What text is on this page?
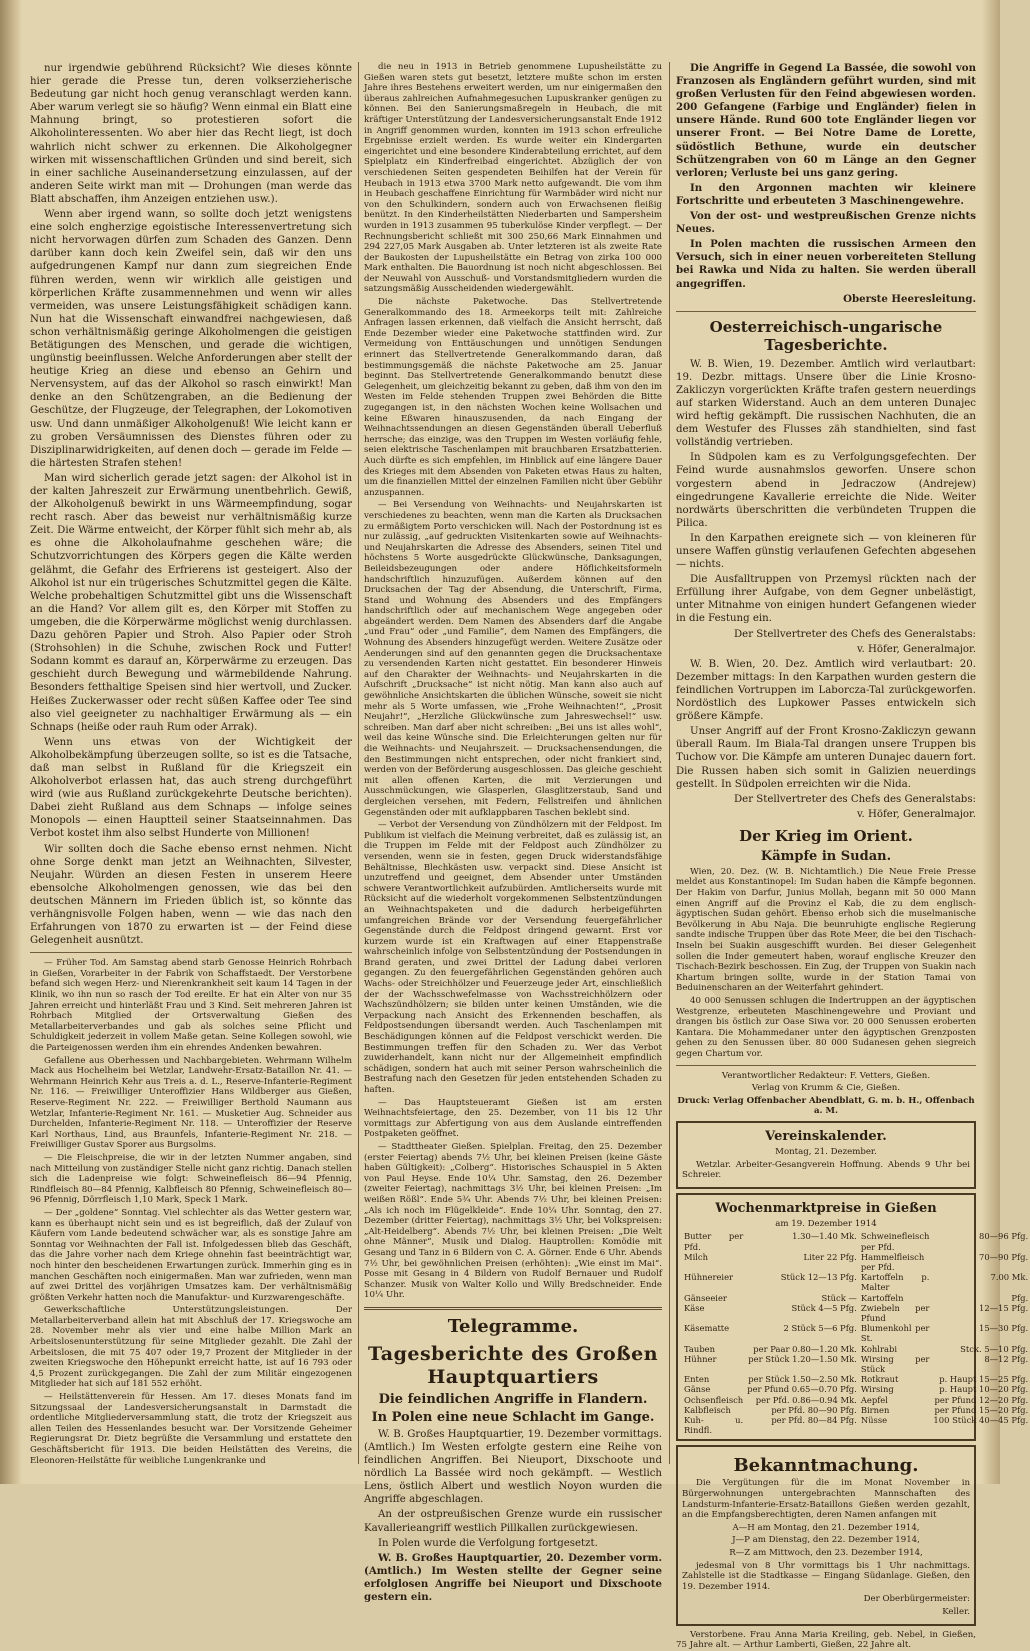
nur irgendwie gebührend Rücksicht? Wie dieses könnte hier gerade die Presse tun, deren volkserzieherische Bedeutung gar nicht hoch genug veranschlagt werden kann. Aber warum verlegt sie so häufig? Wenn einmal ein Blatt eine Mahnung bringt, so protestieren sofort die Alkoholinteressenten. Wo aber hier das Recht liegt, ist doch wahrlich nicht schwer zu erkennen. Die Alkoholgegner wirken mit wissenschaftlichen Gründen und sind bereit, sich in einer sachliche Auseinandersetzung einzulassen, auf der anderen Seite wirkt man mit — Drohungen (man werde das Blatt abschaffen, ihm Anzeigen entziehen usw.).

Wenn aber irgend wann, so sollte doch jetzt wenigstens eine solch engherzige egoistische Interessenvertretung sich nicht hervorwagen dürfen zum Schaden des Ganzen. Denn darüber kann doch kein Zweifel sein, daß wir den uns aufgedrungenen Kampf nur dann zum siegreichen Ende führen werden, wenn wir wirklich alle geistigen und körperlichen Kräfte zusammennehmen und wenn wir alles vermeiden, was unsere Leistungsfähigkeit schädigen kann. Nun hat die Wissenschaft einwandfrei nachgewiesen, daß schon verhältnismäßig geringe Alkoholmengen die geistigen Betätigungen des Menschen, und gerade die wichtigen, ungünstig beeinflussen. Welche Anforderungen aber stellt der heutige Krieg an diese und ebenso an Gehirn und Nervensystem, auf das der Alkohol so rasch einwirkt! Man denke an den Schützengraben, an die Bedienung der Geschütze, der Flugzeuge, der Telegraphen, der Lokomotiven usw. Und dann unmäßiger Alkoholgenuß! Wie leicht kann er zu groben Versäumnissen des Dienstes führen oder zu Disziplinarwidrigkeiten, auf denen doch — gerade im Felde — die härtesten Strafen stehen!

Man wird sicherlich gerade jetzt sagen: der Alkohol ist in der kalten Jahreszeit zur Erwärmung unentbehrlich. Gewiß, der Alkoholgenuß bewirkt in uns Wärmeempfindung, sogar recht rasch. Aber das beweist nur verhältnismäßig kurze Zeit. Die Wärme entweicht, der Körper fühlt sich mehr ab, als es ohne die Alkoholaufnahme geschehen wäre; die Schutzvorrichtungen des Körpers gegen die Kälte werden gelähmt, die Gefahr des Erfrierens ist gesteigert. Also der Alkohol ist nur ein trügerisches Schutzmittel gegen die Kälte. Welche probehaltigen Schutzmittel gibt uns die Wissenschaft an die Hand? Vor allem gilt es, den Körper mit Stoffen zu umgeben, die die Körperwärme möglichst wenig durchlassen. Dazu gehören Papier und Stroh. Also Papier oder Stroh (Strohsohlen) in die Schuhe, zwischen Rock und Futter! Sodann kommt es darauf an, Körperwärme zu erzeugen. Das geschieht durch Bewegung und wärmebildende Nahrung. Besonders fetthaltige Speisen sind hier wertvoll, und Zucker. Heißes Zuckerwasser oder recht süßen Kaffee oder Tee sind also viel geeigneter zu nachhaltiger Erwärmung als — ein Schnaps (heiße oder rauh Rum oder Arrak).

Wenn uns etwas von der Wichtigkeit der Alkoholbekämpfung überzeugen sollte, so ist es die Tatsache, daß man selbst in Rußland für die Kriegszeit ein Alkoholverbot erlassen hat, das auch streng durchgeführt wird (wie aus Rußland zurückgekehrte Deutsche berichten). Dabei zieht Rußland aus dem Schnaps — infolge seines Monopols — einen Hauptteil seiner Staatseinnahmen. Das Verbot kostet ihm also selbst Hunderte von Millionen!

Wir sollten doch die Sache ebenso ernst nehmen. Nicht ohne Sorge denkt man jetzt an Weihnachten, Silvester, Neujahr. Würden an diesen Festen in unserem Heere ebensolche Alkoholmengen genossen, wie das bei den deutschen Männern im Frieden üblich ist, so könnte das verhängnisvolle Folgen haben, wenn — wie das nach den Erfahrungen von 1870 zu erwarten ist — der Feind diese Gelegenheit ausnützt.

— Früher Tod. Am Samstag abend starb Genosse Heinrich Rohrbach in Gießen, Vorarbeiter in der Fabrik von Schaffstaedt. Der Verstorbene befand sich wegen Herz- und Nierenkrankheit seit kaum 14 Tagen in der Klinik, wo ihn nun so rasch der Tod ereilte. Er hat ein Alter von nur 35 Jahren erreicht und hinterläßt Frau und 3 Kind. Seit mehreren Jahren ist Rohrbach Mitglied der Ortsverwaltung Gießen des Metallarbeiterverbandes und gab als solches seine Pflicht und Schuldigkeit jederzeit in vollem Maße getan. Seine Kollegen sowohl, wie die Parteigenossen werden ihm ein ehrendes Andenken bewahren.

Gefallene aus Oberhessen und Nachbargebieten. Wehrmann Wilhelm Mack aus Hochelheim bei Wetzlar, Landwehr-Ersatz-Bataillon Nr. 41. — Wehrmann Heinrich Kehr aus Treis a. d. L., Reserve-Infanterie-Regiment Nr. 116. — Freiwilliger Unteroffizier Hans Wildberger aus Gießen, Reserve-Regiment Nr. 222. — Freiwilliger Berthold Naumann aus Wetzlar, Infanterie-Regiment Nr. 161. — Musketier Aug. Schneider aus Durchelden, Infanterie-Regiment Nr. 118. — Unteroffizier der Reserve Karl Northaus, Lind, aus Braunfels, Infanterie-Regiment Nr. 218. — Freiwilliger Gustav Sporer aus Burgsolms.

— Die Fleischpreise, die wir in der letzten Nummer angaben, sind nach Mitteilung von zuständiger Stelle nicht ganz richtig. Danach stellen sich die Ladenpreise wie folgt: Schweinefleisch 86—94 Pfennig, Rindfleisch 80—84 Pfennig, Kalbfleisch 80 Pfennig, Schweinefleisch 80—96 Pfennig, Dörrfleisch 1,10 Mark, Speck 1 Mark.

— Der „goldene“ Sonntag. Viel schlechter als das Wetter gestern war, kann es überhaupt nicht sein und es ist begreiflich, daß der Zulauf von Käufern vom Lande bedeutend schwächer war, als es sonstige Jahre am Sonntag vor Weihnachten der Fall ist. Infolgedessen blieb das Geschäft, das die Jahre vorher nach dem Kriege ohnehin fast beeinträchtigt war, noch hinter den bescheidenen Erwartungen zurück. Immerhin ging es in manchen Geschäften noch einigermaßen. Man war zufrieden, wenn man auf zwei Drittel des vorjährigen Umsatzes kam. Der verhältnismäßig größten Verkehr hatten noch die Manufaktur- und Kurzwarengeschäfte.

Gewerkschaftliche Unterstützungsleistungen. Der Metallarbeiterverband allein hat mit Abschluß der 17. Kriegswoche am 28. November mehr als vier und eine halbe Million Mark an Arbeitslosenunterstützung für seine Mitglieder gezahlt. Die Zahl der Arbeitslosen, die mit 75 407 oder 19,7 Prozent der Mitglieder in der zweiten Kriegswoche den Höhepunkt erreicht hatte, ist auf 16 793 oder 4,5 Prozent zurückgegangen. Die Zahl der zum Militär eingezogenen Mitglieder hat sich auf 181 552 erhöht.

— Heilstättenverein für Hessen. Am 17. dieses Monats fand im Sitzungssaal der Landesversicherungsanstalt in Darmstadt die ordentliche Mitgliederversammlung statt, die trotz der Kriegszeit aus allen Teilen des Hessenlandes besucht war. Der Vorsitzende Geheimer Regierungsrat Dr. Dietz begrüßte die Versammlung und erstattete den Geschäftsbericht für 1913. Die beiden Heilstätten des Vereins, die Eleonoren-Heilstätte für weibliche Lungenkranke und

die neu in 1913 in Betrieb genommene Lupusheilstätte zu Gießen waren stets gut besetzt, letztere mußte schon im ersten Jahre ihres Bestehens erweitert werden, um nur einigermaßen den überaus zahlreichen Aufnahmegesuchen Lupuskranker genügen zu können. Bei den Sanierungsmaßregeln in Heubach, die mit kräftiger Unterstützung der Landesversicherungsanstalt Ende 1912 in Angriff genommen wurden, konnten im 1913 schon erfreuliche Ergebnisse erzielt werden. Es wurde weiter ein Kindergarten eingerichtet und eine besondere Kinderabteilung errichtet, auf dem Spielplatz ein Kinderfreibad eingerichtet. Abzüglich der von verschiedenen Seiten gespendeten Beihilfen hat der Verein für Heubach in 1913 etwa 3700 Mark netto aufgewandt. Die vom ihm in Heubach geschaffene Einrichtung für Warmbäder wird nicht nur von den Schulkindern, sondern auch von Erwachsenen fleißig benützt. In den Kinderheilstätten Niederbarten und Sampersheim wurden in 1913 zusammen 95 tuberkulöse Kinder verpflegt. — Der Rechnungsbericht schließt mit 300 250,66 Mark Einnahmen und 294 227,05 Mark Ausgaben ab. Unter letzteren ist als zweite Rate der Baukosten der Lupusheilstätte ein Betrag von zirka 100 000 Mark enthalten. Die Bauordnung ist noch nicht abgeschlossen. Bei der Neuwahl von Ausschuß- und Vorstandsmitgliedern wurden die satzungsmäßig Ausscheidenden wiedergewählt.

Die nächste Paketwoche. Das Stellvertretende Generalkommando des 18. Armeekorps teilt mit: Zahlreiche Anfragen lassen erkennen, daß vielfach die Ansicht herrscht, daß Ende Dezember wieder eine Paketwoche stattfinden wird. Zur Vermeidung von Enttäuschungen und unnötigen Sendungen erinnert das Stellvertretende Generalkommando daran, daß bestimmungsgemäß die nächste Paketwoche am 25. Januar beginnt. Das Stellvertretende Generalkommando benutzt diese Gelegenheit, um gleichzeitig bekannt zu geben, daß ihm von den im Westen im Felde stehenden Truppen zwei Behörden die Bitte zugegangen ist, in den nächsten Wochen keine Wollsachen und keine Eßwaren hinauszusenden, da nach Eingang der Weihnachtssendungen an diesen Gegenständen überall Ueberfluß herrsche; das einzige, was den Truppen im Westen vorläufig fehle, seien elektrische Taschenlampen mit brauchbaren Ersatzbatterien. Auch dürfte es sich empfehlen, im Hinblick auf eine längere Dauer des Krieges mit dem Absenden von Paketen etwas Haus zu halten, um die finanziellen Mittel der einzelnen Familien nicht über Gebühr anzuspannen.

— Bei Versendung von Weihnachts- und Neujahrskarten ist verschiedenes zu beachten, wenn man die Karten als Drucksachen zu ermäßigtem Porto verschicken will. Nach der Postordnung ist es nur zulässig, „auf gedruckten Visitenkarten sowie auf Weihnachts- und Neujahrskarten die Adresse des Absenders, seinen Titel und höchstens 5 Worte ausgedrückte Glückwünsche, Danksagungen, Beileidsbezeugungen oder andere Höflichkeitsformeln handschriftlich hinzuzufügen. Außerdem können auf den Drucksachen der Tag der Absendung, die Unterschrift, Firma, Stand und Wohnung des Absenders und des Empfängers handschriftlich oder auf mechanischem Wege angegeben oder abgeändert werden. Dem Namen des Absenders darf die Angabe „und Frau“ oder „und Familie“, dem Namen des Empfängers, die Wohnung des Absenders hinzugefügt werden. Weitere Zusätze oder Aenderungen sind auf den genannten gegen die Drucksachentaxe zu versendenden Karten nicht gestattet. Ein besonderer Hinweis auf den Charakter der Weihnachts- und Neujahrskarten in die Aufschrift „Drucksache“ ist nicht nötig. Man kann also auch auf gewöhnliche Ansichtskarten die üblichen Wünsche, soweit sie nicht mehr als 5 Worte umfassen, wie „Frohe Weihnachten!“, „Prosit Neujahr!“, „Herzliche Glückwünsche zum Jahreswechsel!“ usw. schreiben. Man darf aber nicht schreiben: „Bei uns ist alles wohl“, weil das keine Wünsche sind. Die Erleichterungen gelten nur für die Weihnachts- und Neujahrszeit. — Drucksachensendungen, die den Bestimmungen nicht entsprechen, oder nicht frankiert sind, werden von der Beförderung ausgeschlossen. Das gleiche geschieht mit allen offenen Karten, die mit Verzierungen und Ausschmückungen, wie Glasperlen, Glasglitzerstaub, Sand und dergleichen versehen, mit Federn, Fellstreifen und ähnlichen Gegenständen oder mit aufklappbaren Taschen beklebt sind.

— Verbot der Versendung von Zündhölzern mit der Feldpost. Im Publikum ist vielfach die Meinung verbreitet, daß es zulässig ist, an die Truppen im Felde mit der Feldpost auch Zündhölzer zu versenden, wenn sie in festen, gegen Druck widerstandsfähige Behältnisse, Blechkästen usw. verpackt sind. Diese Ansicht ist unzutreffend und geeignet, dem Absender unter Umständen schwere Verantwortlichkeit aufzubürden. Amtlicherseits wurde mit Rücksicht auf die wiederholt vorgekommenen Selbstentzündungen an Weihnachtspaketen und die dadurch herbeigeführten umfangreichen Brände vor der Versendung feuergefährlicher Gegenstände durch die Feldpost dringend gewarnt. Erst vor kurzem wurde ist ein Kraftwagen auf einer Etappenstraße wahrscheinlich infolge von Selbstentzündung der Postsendungen in Brand geraten, und zwei Drittel der Ladung dabei verloren gegangen. Zu den feuergefährlichen Gegenständen gehören auch Wachs- oder Streichhölzer und Feuerzeuge jeder Art, einschließlich der der Wachsschwefelmasse von Wachsstreichhölzern oder Wachszündhölzern; sie bilden unter keinen Umständen, wie die Verpackung nach Ansicht des Erkennenden beschaffen, als Feldpostsendungen übersandt werden. Auch Taschenlampen mit Beschädigungen können auf die Feldpost verschickt werden. Die Bestimmungen treffen für den Schaden zu. Wer das Verbot zuwiderhandelt, kann nicht nur der Allgemeinheit empfindlich schädigen, sondern hat auch mit seiner Person wahrscheinlich die Bestrafung nach den Gesetzen für jeden entstehenden Schaden zu haften.

— Das Hauptsteueramt Gießen ist am ersten Weihnachtsfeiertage, den 25. Dezember, von 11 bis 12 Uhr vormittags zur Abfertigung von aus dem Auslande eintreffenden Postpaketen geöffnet.

— Stadttheater Gießen. Spielplan. Freitag, den 25. Dezember (erster Feiertag) abends 7½ Uhr, bei kleinen Preisen (keine Gäste haben Gültigkeit): „Colberg“. Historisches Schauspiel in 5 Akten von Paul Heyse. Ende 10¼ Uhr. Samstag, den 26. Dezember (zweiter Feiertag), nachmittags 3½ Uhr, bei kleinen Preisen: „Im weißen Rößl“. Ende 5¾ Uhr. Abends 7½ Uhr, bei kleinen Preisen: „Als ich noch im Flügelkleide“. Ende 10¼ Uhr. Sonntag, den 27. Dezember (dritter Feiertag), nachmittags 3½ Uhr, bei Volkspreisen: „Alt-Heidelberg“. Abends 7½ Uhr, bei kleinen Preisen: „Die Welt ohne Männer“, Musik und Dialog. Hauptrollen: Komödie mit Gesang und Tanz in 6 Bildern von C. A. Görner. Ende 6 Uhr. Abends 7½ Uhr, bei gewöhnlichen Preisen (erhöhten): „Wie einst im Mai“. Posse mit Gesang in 4 Bildern von Rudolf Bernauer und Rudolf Schanzer. Musik von Walter Kollo und Willy Bredschneider. Ende 10¼ Uhr.

Telegramme.
Tagesberichte des Großen Hauptquartiers
Die feindlichen Angriffe in Flandern.
In Polen eine neue Schlacht im Gange.

W. B. Großes Hauptquartier, 19. Dezember vormittags. (Amtlich.) Im Westen erfolgte gestern eine Reihe von feindlichen Angriffen. Bei Nieuport, Dixschoote und nördlich La Bassée wird noch gekämpft. — Westlich Lens, östlich Albert und westlich Noyon wurden die Angriffe abgeschlagen.

An der ostpreußischen Grenze wurde ein russischer Kavallerieangriff westlich Pillkallen zurückgewiesen.

In Polen wurde die Verfolgung fortgesetzt.

W. B. Großes Hauptquartier, 20. Dezember vorm. (Amtlich.) Im Westen stellte der Gegner seine erfolglosen Angriffe bei Nieuport und Dixschoote gestern ein.

Die Angriffe in Gegend La Bassée, die sowohl von Franzosen als Engländern geführt wurden, sind mit großen Verlusten für den Feind abgewiesen worden. 200 Gefangene (Farbige und Engländer) fielen in unsere Hände. Rund 600 tote Engländer liegen vor unserer Front. — Bei Notre Dame de Lorette, südöstlich Bethune, wurde ein deutscher Schützengraben von 60 m Länge an den Gegner verloren; Verluste bei uns ganz gering.

In den Argonnen machten wir kleinere Fortschritte und erbeuteten 3 Maschinengewehre.

Von der ost- und westpreußischen Grenze nichts Neues.

In Polen machten die russischen Armeen den Versuch, sich in einer neuen vorbereiteten Stellung bei Rawka und Nida zu halten. Sie werden überall angegriffen.

Oberste Heeresleitung.

Oesterreichisch-ungarische Tagesberichte.

W. B. Wien, 19. Dezember. Amtlich wird verlautbart: 19. Dezbr. mittags. Unsere über die Linie Krosno-Zakliczyn vorgerückten Kräfte trafen gestern neuerdings auf starken Widerstand. Auch an dem unteren Dunajec wird heftig gekämpft. Die russischen Nachhuten, die an dem Westufer des Flusses zäh standhielten, sind fast vollständig vertrieben.

In Südpolen kam es zu Verfolgungsgefechten. Der Feind wurde ausnahmslos geworfen. Unsere schon vorgestern abend in Jedraczow (Andrejew) eingedrungene Kavallerie erreichte die Nide. Weiter nordwärts überschritten die verbündeten Truppen die Pilica.

In den Karpathen ereignete sich — von kleineren für unsere Waffen günstig verlaufenen Gefechten abgesehen — nichts.

Die Ausfalltruppen von Przemysl rückten nach der Erfüllung ihrer Aufgabe, von dem Gegner unbelästigt, unter Mitnahme von einigen hundert Gefangenen wieder in die Festung ein.

Der Stellvertreter des Chefs des Generalstabs:

v. Höfer, Generalmajor.

W. B. Wien, 20. Dez. Amtlich wird verlautbart: 20. Dezember mittags: In den Karpathen wurden gestern die feindlichen Vortruppen im Laborcza-Tal zurückgeworfen. Nordöstlich des Lupkower Passes entwickeln sich größere Kämpfe.

Unser Angriff auf der Front Krosno-Zakliczyn gewann überall Raum. Im Biala-Tal drangen unsere Truppen bis Tuchow vor. Die Kämpfe am unteren Dunajec dauern fort. Die Russen haben sich somit in Galizien neuerdings gestellt. In Südpolen erreichten wir die Nida.

Der Stellvertreter des Chefs des Generalstabs:

v. Höfer, Generalmajor.

Der Krieg im Orient.
Kämpfe in Sudan.

Wien, 20. Dez. (W. B. Nichtamtlich.) Die Neue Freie Presse meldet aus Konstantinopel: Im Sudan haben die Kämpfe begonnen. Der Hakim von Darfur, Junius Mollah, begann mit 50 000 Mann einen Angriff auf die Provinz el Kab, die zu dem englisch-ägyptischen Sudan gehört. Ebenso erhob sich die muselmanische Bevölkerung in Abu Naja. Die beunruhigte englische Regierung sandte indische Truppen über das Rote Meer, die bei den Tischach-Inseln bei Suakin ausgeschifft wurden. Bei dieser Gelegenheit sollen die Inder gemeutert haben, worauf englische Kreuzer den Tischach-Bezirk beschossen. Ein Zug, der Truppen von Suakin nach Khartum bringen sollte, wurde in der Station Tamai von Beduinenscharen an der Weiterfahrt gehindert.

40 000 Senussen schlugen die Indertruppen an der ägyptischen Westgrenze, erbeuteten Maschinengewehre und Proviant und drangen bis östlich zur Oase Siwa vor. 20 000 Senussen eroberten Kantara. Die Mohammedaner unter den ägyptischen Grenzposten gehen zu den Senussen über. 80 000 Sudanesen gehen siegreich gegen Chartum vor.

Verantwortlicher Redakteur: F. Vetters, Gießen.

Verlag von Krumm & Cie, Gießen.

Druck: Verlag Offenbacher Abendblatt, G. m. b. H., Offenbach a. M.

Vereinskalender.

Montag, 21. Dezember.

Wetzlar. Arbeiter-Gesangverein Hoffnung. Abends 9 Uhr bei Schreier.

Wochenmarktpreise in Gießen

am 19. Dezember 1914

Butter per Pfd.	1.30—1.40 Mk.	Schweinefleisch per Pfd.	80—96 Pfg.
Milch	Liter 22 Pfg.	Hammelfleisch per Pfd.	70—90 Pfg.
Hühnereier	Stück 12—13 Pfg.	Kartoffeln p. Malter	7.00 Mk.
Gänseeier	Stück —	Kartoffeln	Pfg.
Käse	Stück 4—5 Pfg.	Zwiebeln per Pfund	12—15 Pfg.
Käsematte	2 Stück 5—6 Pfg.	Blumenkohl per St.	15—30 Pfg.
Tauben	per Paar 0.80—1.20 Mk.	Kohlrabi	Stck. 5—10 Pfg.
Hühner	per Stück 1.20—1.50 Mk.	Wirsing per Stück	8—12 Pfg.
Enten	per Stück 1.50—2.50 Mk.	Rotkraut	p. Haupt 15—25 Pfg.
Gänse	per Pfund 0.65—0.70 Pfg.	Wirsing	p. Haupt 10—20 Pfg.
Ochsenfleisch	per Pfd. 0.86—0.94 Mk.	Aepfel	per Pfund 12—20 Pfg.
Kalbfleisch	per Pfd. 80—90 Pfg.	Birnen	per Pfund 15—20 Pfg.
Kuh- u. Rindfl.	per Pfd. 80—84 Pfg.	Nüsse	100 Stück 40—45 Pfg.
Bekanntmachung.

Die Vergütungen für die im Monat November in Bürgerwohnungen untergebrachten Mannschaften des Landsturm-Infanterie-Ersatz-Bataillons Gießen werden gezahlt, an die Empfangsberechtigten, deren Namen anfangen mit

A—H am Montag, den 21. Dezember 1914,

J—P am Dienstag, den 22. Dezember 1914,

R—Z am Mittwoch, den 23. Dezember 1914,

jedesmal von 8 Uhr vormittags bis 1 Uhr nachmittags. Zahlstelle ist die Stadtkasse — Eingang Südanlage. Gießen, den 19. Dezember 1914.

Der Oberbürgermeister:

Keller.

Verstorbene. Frau Anna Maria Kreiling, geb. Nebel, in Gießen, 75 Jahre alt. — Arthur Lamberti, Gießen, 22 Jahre alt.
